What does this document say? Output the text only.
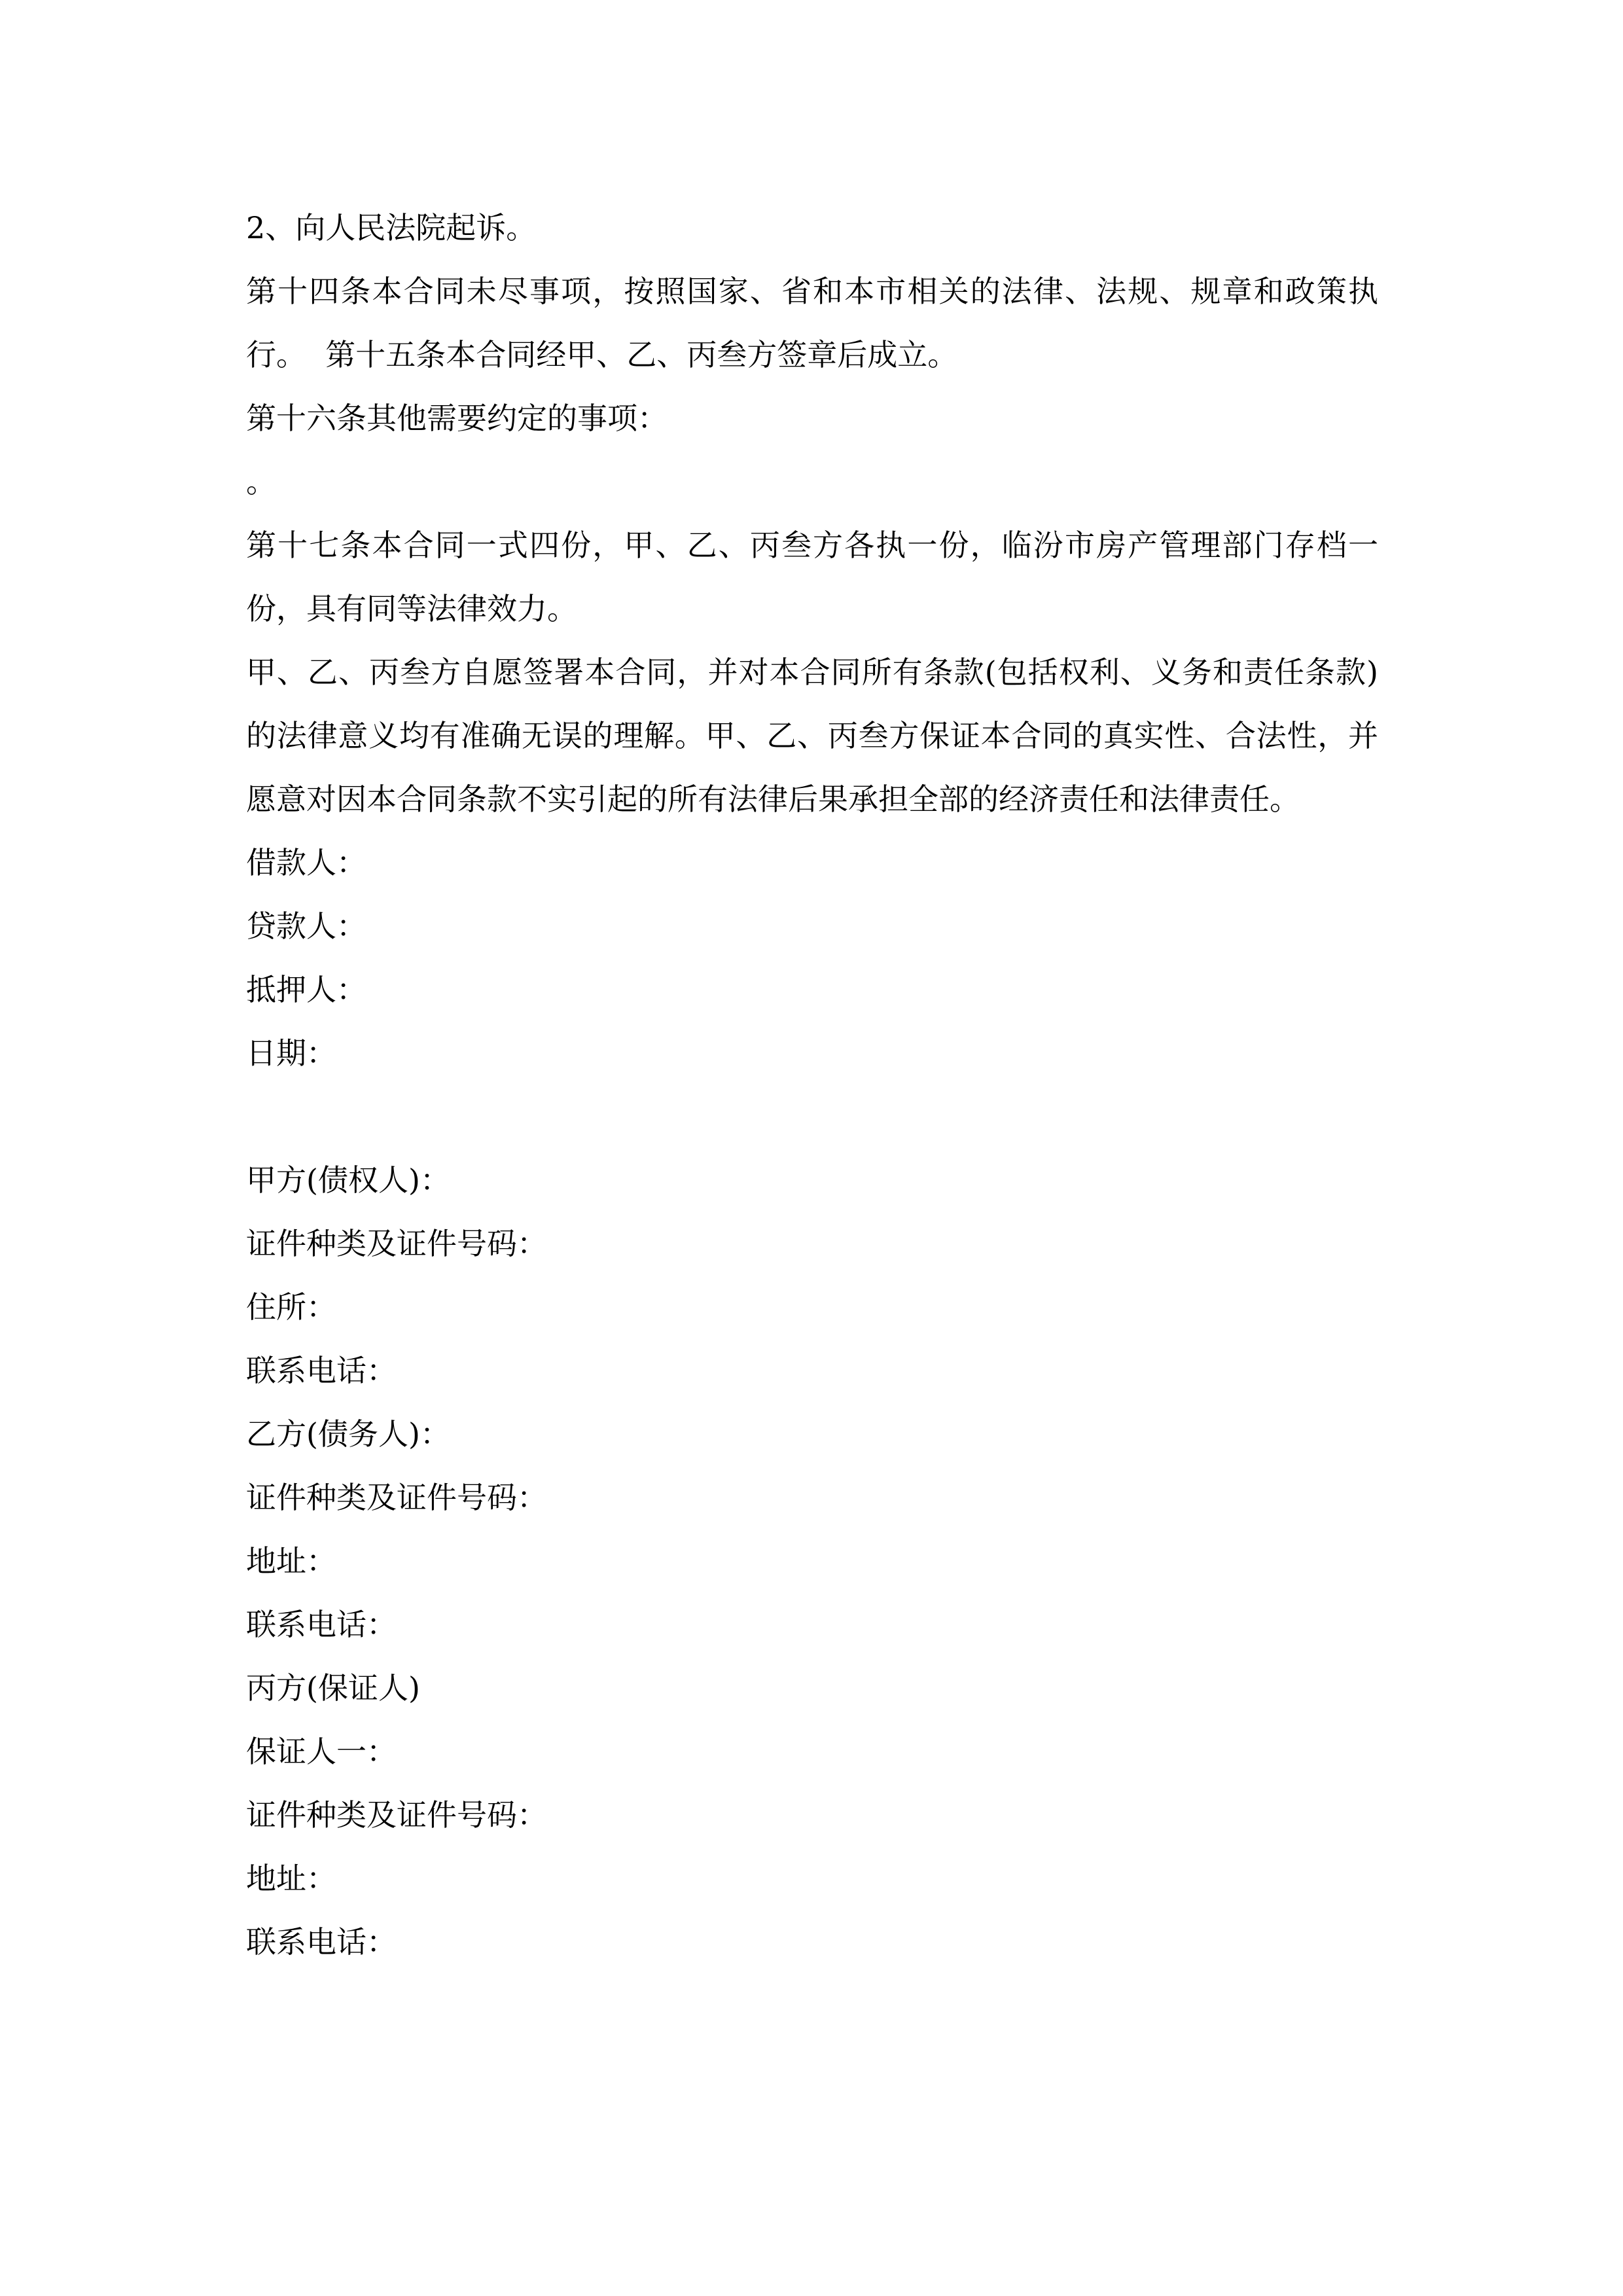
2、向人民法院起诉。

第十四条本合同未尽事项，按照国家、省和本市相关的法律、法规、规章和政策执行。  第十五条本合同经甲、乙、丙叁方签章后成立。

第十六条其他需要约定的事项：

。

第十七条本合同一式四份，甲、乙、丙叁方各执一份，临汾市房产管理部门存档一份，具有同等法律效力。

甲、乙、丙叁方自愿签署本合同，并对本合同所有条款(包括权利、义务和责任条款)的法律意义均有准确无误的理解。甲、乙、丙叁方保证本合同的真实性、合法性，并愿意对因本合同条款不实引起的所有法律后果承担全部的经济责任和法律责任。

借款人：

贷款人：

抵押人：

日期：

甲方(债权人)：

证件种类及证件号码：

住所：

联系电话：

乙方(债务人)：

证件种类及证件号码：

地址：

联系电话：

丙方(保证人)

保证人一：

证件种类及证件号码：

地址：

联系电话：
